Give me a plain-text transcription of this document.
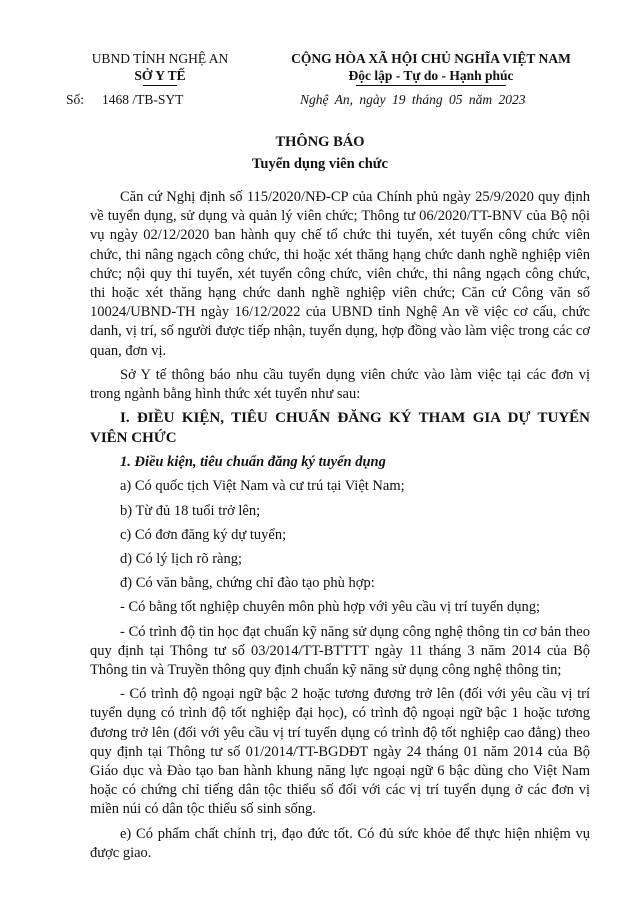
UBND TỈNH NGHỆ AN
SỞ Y TẾ
Số: 1468 /TB-SYT
CỘNG HÒA XÃ HỘI CHỦ NGHĨA VIỆT NAM
Độc lập - Tự do - Hạnh phúc
Nghệ An, ngày 19 tháng 05 năm 2023
THÔNG BÁO
Tuyển dụng viên chức

Căn cứ Nghị định số 115/2020/NĐ-CP của Chính phủ ngày 25/9/2020 quy định về tuyển dụng, sử dụng và quản lý viên chức; Thông tư 06/2020/TT-BNV của Bộ nội vụ ngày 02/12/2020 ban hành quy chế tổ chức thi tuyển, xét tuyển công chức viên chức, thi nâng ngạch công chức, thi hoặc xét thăng hạng chức danh nghề nghiệp viên chức; nội quy thi tuyển, xét tuyển công chức, viên chức, thi nâng ngạch công chức, thi hoặc xét thăng hạng chức danh nghề nghiệp viên chức; Căn cứ Công văn số 10024/UBND-TH ngày 16/12/2022 của UBND tỉnh Nghệ An về việc cơ cấu, chức danh, vị trí, số người được tiếp nhận, tuyển dụng, hợp đồng vào làm việc trong các cơ quan, đơn vị.

Sở Y tế thông báo nhu cầu tuyển dụng viên chức vào làm việc tại các đơn vị trong ngành bằng hình thức xét tuyển như sau:

I. ĐIỀU KIỆN, TIÊU CHUẨN ĐĂNG KÝ THAM GIA DỰ TUYỂN VIÊN CHỨC

1. Điều kiện, tiêu chuẩn đăng ký tuyển dụng

a) Có quốc tịch Việt Nam và cư trú tại Việt Nam;

b) Từ đủ 18 tuổi trở lên;

c) Có đơn đăng ký dự tuyển;

d) Có lý lịch rõ ràng;

đ) Có văn bằng, chứng chỉ đào tạo phù hợp:

- Có bằng tốt nghiệp chuyên môn phù hợp với yêu cầu vị trí tuyển dụng;

- Có trình độ tin học đạt chuẩn kỹ năng sử dụng công nghệ thông tin cơ bản theo quy định tại Thông tư số 03/2014/TT-BTTTT ngày 11 tháng 3 năm 2014 của Bộ Thông tin và Truyền thông quy định chuẩn kỹ năng sử dụng công nghệ thông tin;

- Có trình độ ngoại ngữ bậc 2 hoặc tương đương trở lên (đối với yêu cầu vị trí tuyển dụng có trình độ tốt nghiệp đại học), có trình độ ngoại ngữ bậc 1 hoặc tương đương trở lên (đối với yêu cầu vị trí tuyển dụng có trình độ tốt nghiệp cao đẳng) theo quy định tại Thông tư số 01/2014/TT-BGDĐT ngày 24 tháng 01 năm 2014 của Bộ Giáo dục và Đào tạo ban hành khung năng lực ngoại ngữ 6 bậc dùng cho Việt Nam hoặc có chứng chỉ tiếng dân tộc thiểu số đối với các vị trí tuyển dụng ở các đơn vị miền núi có dân tộc thiểu số sinh sống.

e) Có phẩm chất chính trị, đạo đức tốt. Có đủ sức khỏe để thực hiện nhiệm vụ được giao.
